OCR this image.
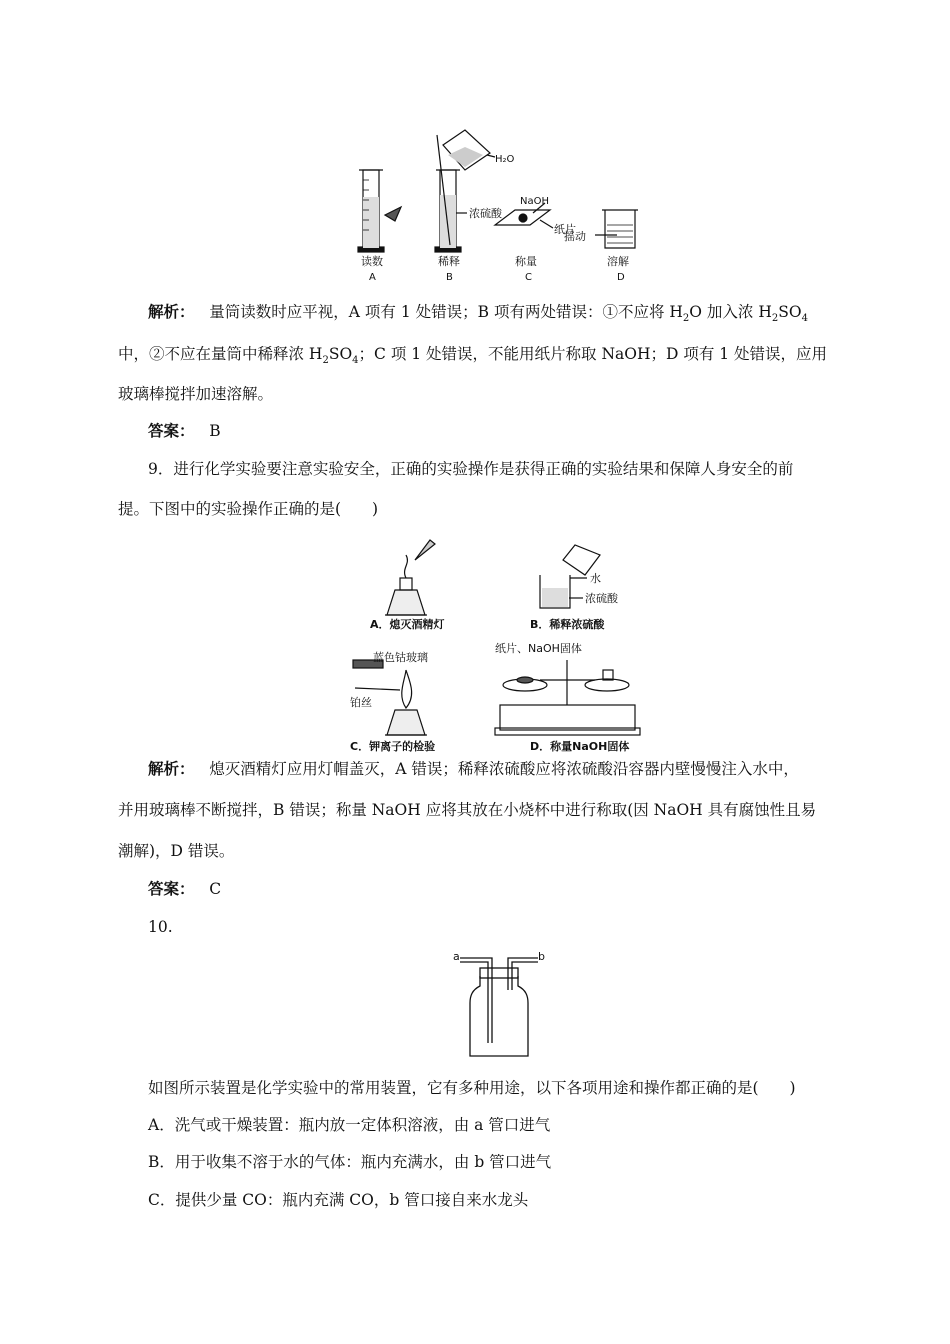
H₂O
浓硫酸
NaOH
纸片
摇动
读数
A
稀释
B
称量
C
溶解
D
解析： 量筒读数时应平视，A 项有 1 处错误；B 项有两处错误：①不应将 $H_2O$ 加入浓 $H_2SO_4$
中，②不应在量筒中稀释浓 $H_2SO_4$；C 项 1 处错误，不能用纸片称取 NaOH；D 项有 1 处错误，应用
玻璃棒搅拌加速溶解。
答案： B
9．进行化学实验要注意实验安全，正确的实验操作是获得正确的实验结果和保障人身安全的前
提。下图中的实验操作正确的是(　　)
水
浓硫酸
蓝色钴玻璃
铂丝
纸片、NaOH固体
A．熄灭酒精灯	B．稀释浓硫酸
C．钾离子的检验	D．称量NaOH固体
解析： 熄灭酒精灯应用灯帽盖灭，A 错误；稀释浓硫酸应将浓硫酸沿容器内壁慢慢注入水中，
并用玻璃棒不断搅拌，B 错误；称量 NaOH 应将其放在小烧杯中进行称取(因 NaOH 具有腐蚀性且易
潮解)，D 错误。
答案： C
10.
a	b
如图所示装置是化学实验中的常用装置，它有多种用途，以下各项用途和操作都正确的是(　　)
A．洗气或干燥装置：瓶内放一定体积溶液，由 a 管口进气
B．用于收集不溶于水的气体：瓶内充满水，由 b 管口进气
C．提供少量 CO：瓶内充满 CO，b 管口接自来水龙头
